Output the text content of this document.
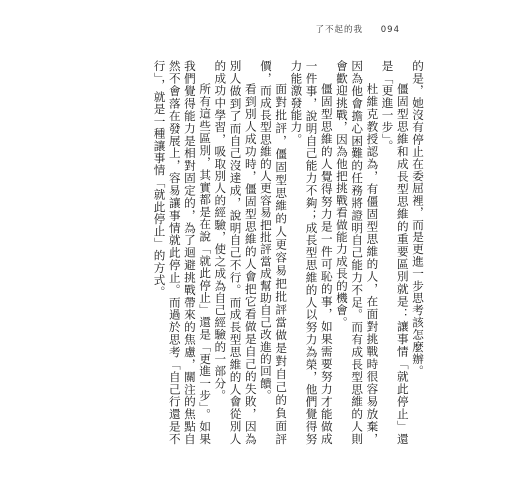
了不起的我 094

的是，她沒有停止在委屈裡，而是更進一步思考該怎麼辦。

僵固型思維和成長型思維的重要區別就是：讓事情「就此停止」還是「更進一步」。

杜維克教授認為，有僵固型思維的人，在面對挑戰時很容易放棄，因為他會擔心困難的任務將證明自己能力不足。而有成長型思維的人則會歡迎挑戰，因為他把挑戰看做能力成長的機會。

僵固型思維的人覺得努力是一件可恥的事，如果需要努力才能做成一件事，說明自己能力不夠；成長型思維的人以努力為榮，他們覺得努力能激發能力。

面對批評，僵固型思維的人更容易把批評當做是對自己的負面評價，而成長型思維的人更容易把批評當成幫助自己改進的回饋。

看到別人成功時，僵固型思維的人會把它看做是自己的失敗，因為別人做到了而自己沒達成，說明自己不行。而成長型思維的人會從別人的成功中學習，吸取別人的經驗，使之成為自己經驗的一部分。

所有這些區別，其實都是在說「就此停止」還是「更進一步」。如果我們覺得能力是相對固定的，為了迴避挑戰帶來的焦慮，關注的焦點自然不會落在發展上，容易讓事情就此停止。而過於思考「自己行還是不行」，就是一種讓事情「就此停止」的方式。
